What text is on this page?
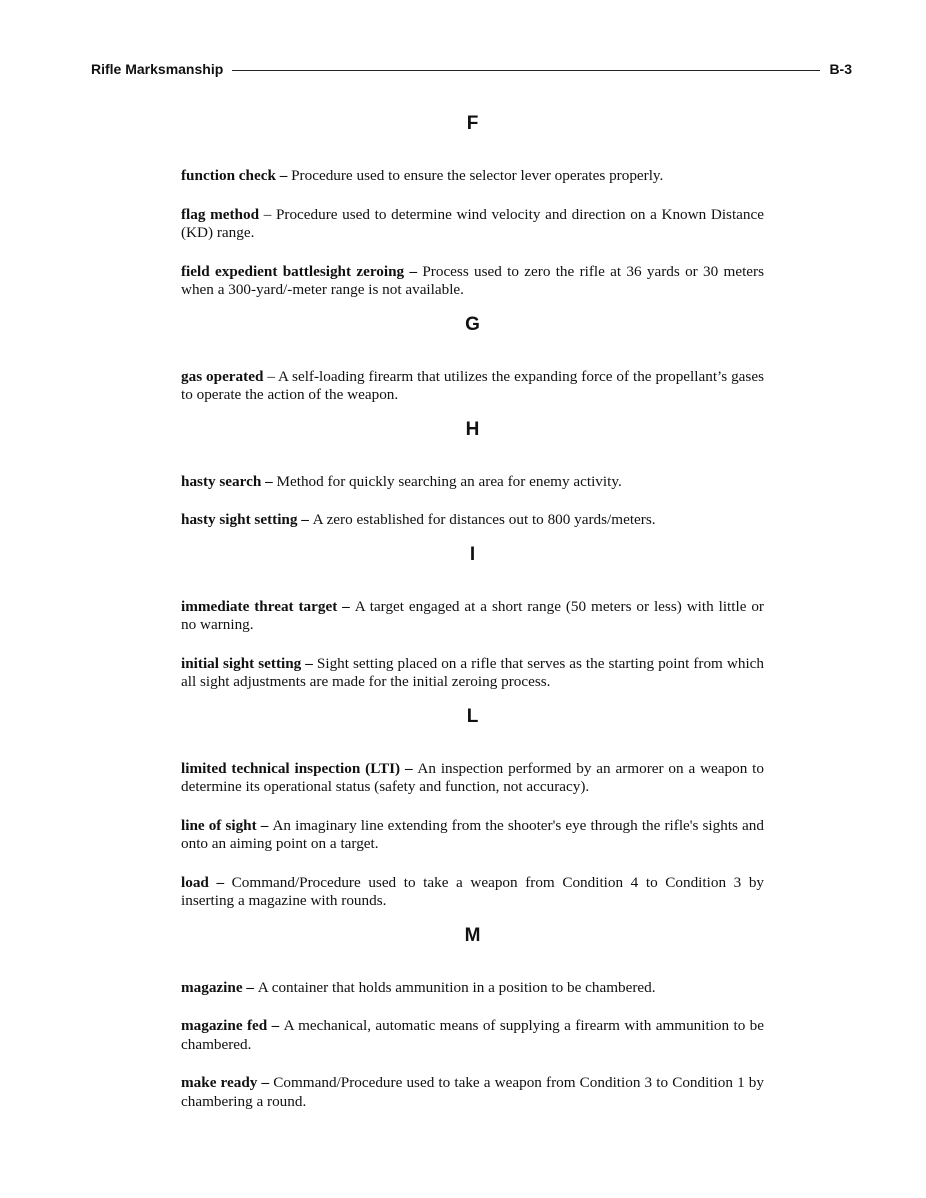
Rifle Marksmanship	B-3
F

function check – Procedure used to ensure the selector lever operates properly.

flag method – Procedure used to determine wind velocity and direction on a Known Distance (KD) range.

field expedient battlesight zeroing – Process used to zero the rifle at 36 yards or 30 meters when a 300-yard/-meter range is not available.

G

gas operated – A self-loading firearm that utilizes the expanding force of the propellant’s gases to operate the action of the weapon.

H

hasty search – Method for quickly searching an area for enemy activity.

hasty sight setting – A zero established for distances out to 800 yards/meters.

I

immediate threat target – A target engaged at a short range (50 meters or less) with little or no warning.

initial sight setting – Sight setting placed on a rifle that serves as the starting point from which all sight adjustments are made for the initial zeroing process.

L

limited technical inspection (LTI) – An inspection performed by an armorer on a weapon to determine its operational status (safety and function, not accuracy).

line of sight – An imaginary line extending from the shooter's eye through the rifle's sights and onto an aiming point on a target.

load – Command/Procedure used to take a weapon from Condition 4 to Condition 3 by inserting a magazine with rounds.

M

magazine – A container that holds ammunition in a position to be chambered.

magazine fed – A mechanical, automatic means of supplying a firearm with ammunition to be chambered.

make ready – Command/Procedure used to take a weapon from Condition 3 to Condition 1 by chambering a round.
